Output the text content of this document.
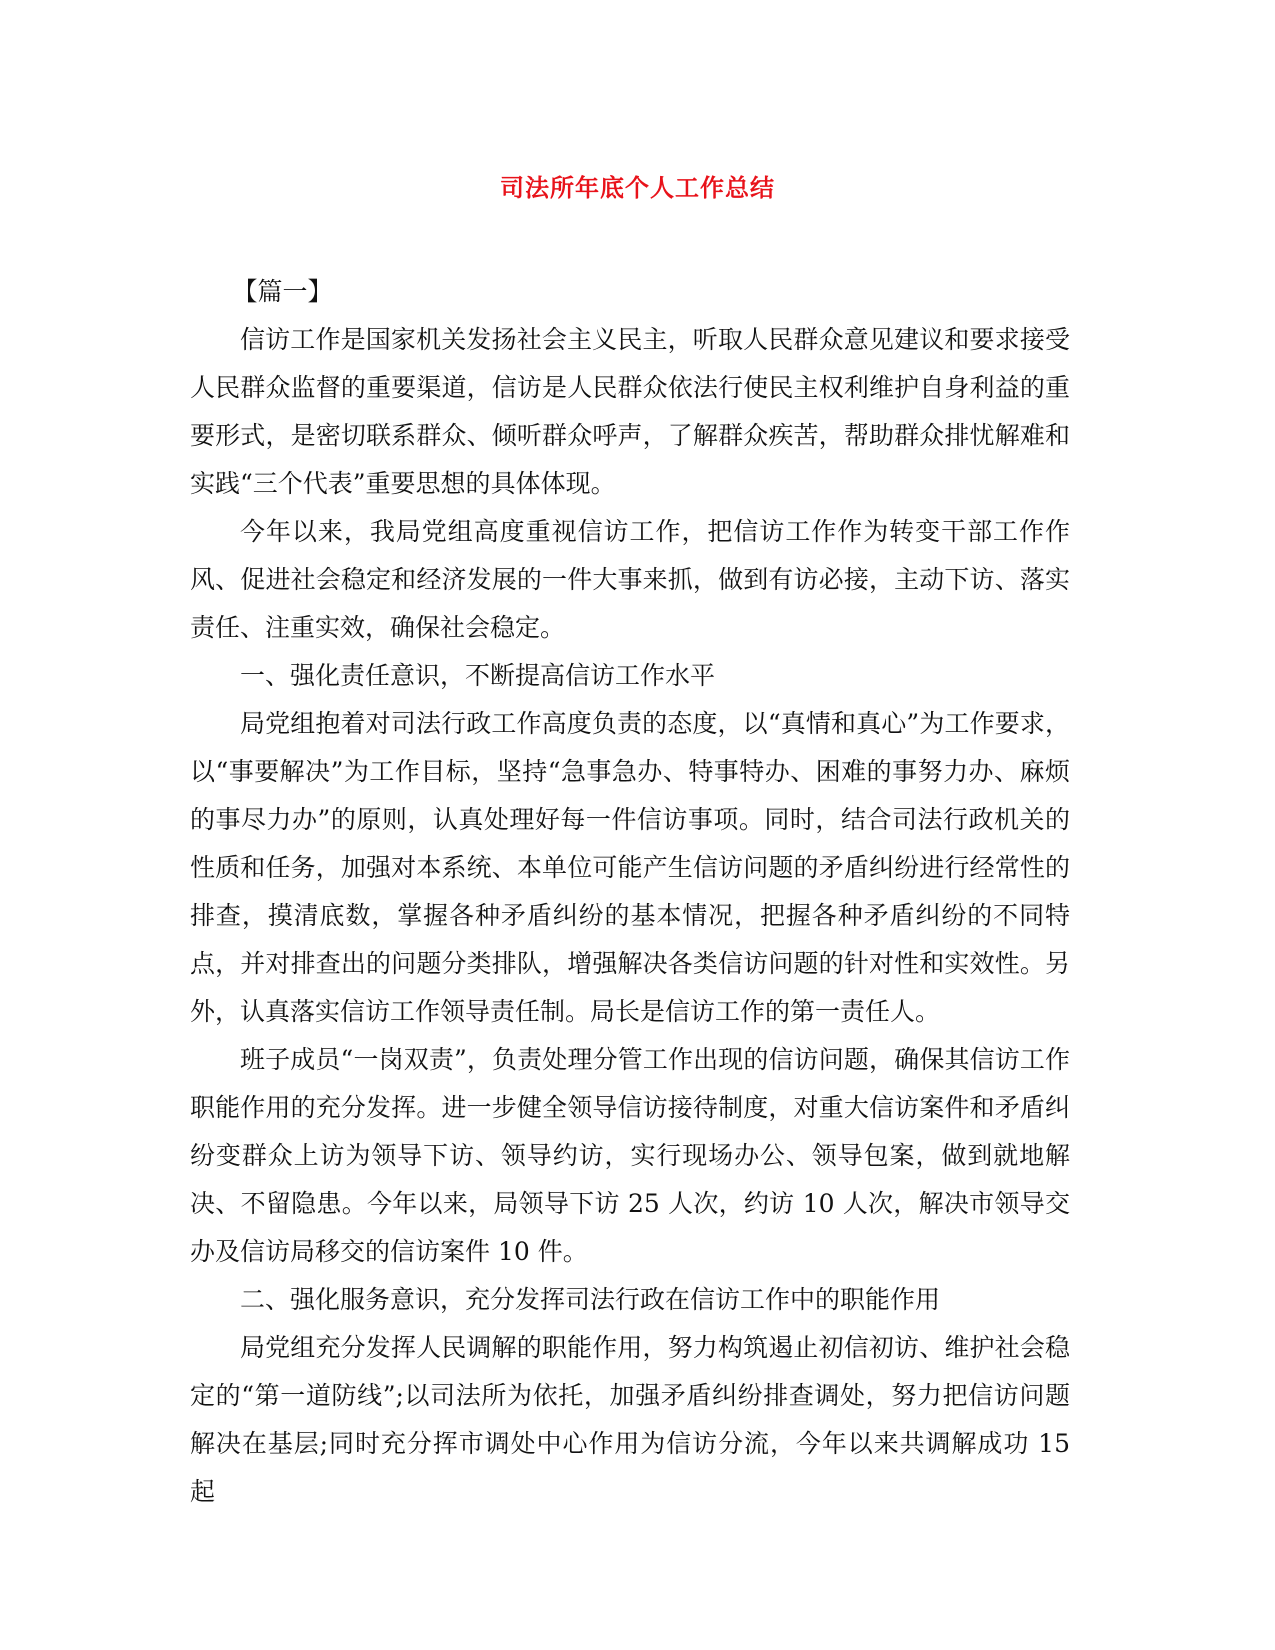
司法所年底个人工作总结

【篇一】

信访工作是国家机关发扬社会主义民主，听取人民群众意见建议和要求接受人民群众监督的重要渠道，信访是人民群众依法行使民主权利维护自身利益的重要形式，是密切联系群众、倾听群众呼声，了解群众疾苦，帮助群众排忧解难和实践“三个代表”重要思想的具体体现。

今年以来，我局党组高度重视信访工作，把信访工作作为转变干部工作作风、促进社会稳定和经济发展的一件大事来抓，做到有访必接，主动下访、落实责任、注重实效，确保社会稳定。

一、强化责任意识，不断提高信访工作水平

局党组抱着对司法行政工作高度负责的态度，以“真情和真心”为工作要求，以“事要解决”为工作目标，坚持“急事急办、特事特办、困难的事努力办、麻烦的事尽力办”的原则，认真处理好每一件信访事项。同时，结合司法行政机关的性质和任务，加强对本系统、本单位可能产生信访问题的矛盾纠纷进行经常性的排查，摸清底数，掌握各种矛盾纠纷的基本情况，把握各种矛盾纠纷的不同特点，并对排查出的问题分类排队，增强解决各类信访问题的针对性和实效性。另外，认真落实信访工作领导责任制。局长是信访工作的第一责任人。

班子成员“一岗双责”，负责处理分管工作出现的信访问题，确保其信访工作职能作用的充分发挥。进一步健全领导信访接待制度，对重大信访案件和矛盾纠纷变群众上访为领导下访、领导约访，实行现场办公、领导包案，做到就地解决、不留隐患。今年以来，局领导下访 25 人次，约访 10 人次，解决市领导交办及信访局移交的信访案件 10 件。

二、强化服务意识，充分发挥司法行政在信访工作中的职能作用

局党组充分发挥人民调解的职能作用，努力构筑遏止初信初访、维护社会稳定的“第一道防线”;以司法所为依托，加强矛盾纠纷排查调处，努力把信访问题解决在基层;同时充分挥市调处中心作用为信访分流，今年以来共调解成功 15 起
